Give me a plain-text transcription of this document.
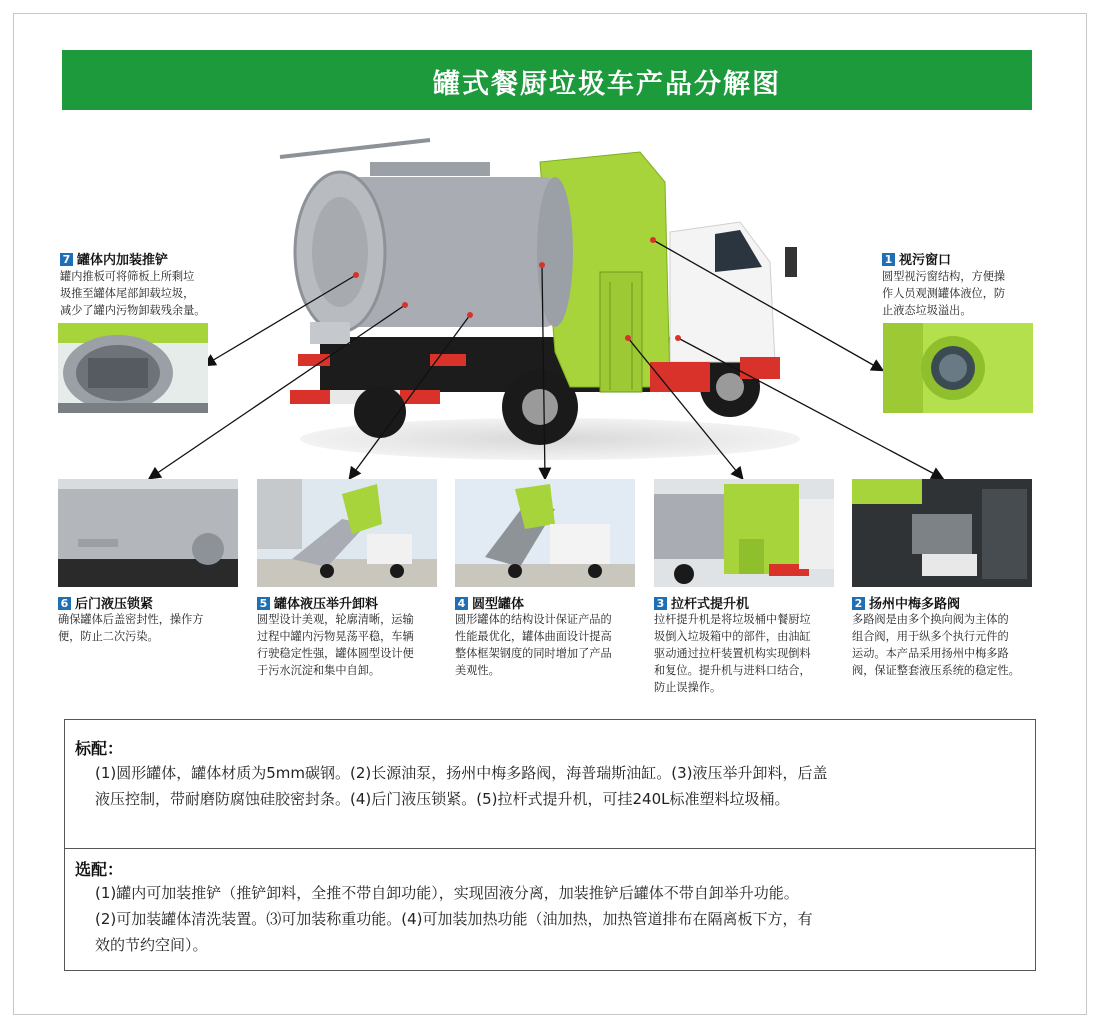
罐式餐厨垃圾车产品分解图
7 罐体内加装推铲
罐内推板可将筛板上所剩垃
圾推至罐体尾部卸载垃圾，
减少了罐内污物卸载残余量。
1 视污窗口
圆型视污窗结构，方便操
作人员观测罐体液位，防
止液态垃圾溢出。
6 后门液压锁紧
确保罐体后盖密封性，操作方
便，防止二次污染。
5 罐体液压举升卸料
圆型设计美观，轮廓清晰，运输
过程中罐内污物晃荡平稳，车辆
行驶稳定性强，罐体圆型设计便
于污水沉淀和集中自卸。
4 圆型罐体
圆形罐体的结构设计保证产品的
性能最优化，罐体曲面设计提高
整体框架钢度的同时增加了产品
美观性。
3 拉杆式提升机
拉杆提升机是将垃圾桶中餐厨垃
圾倒入垃圾箱中的部件，由油缸
驱动通过拉杆装置机构实现倒料
和复位。提升机与进料口结合，
防止误操作。
2 扬州中梅多路阀
多路阀是由多个换向阀为主体的
组合阀，用于纵多个执行元件的
运动。本产品采用扬州中梅多路
阀，保证整套液压系统的稳定性。
标配：
(1)圆形罐体，罐体材质为5mm碳钢。(2)长源油泵，扬州中梅多路阀，海普瑞斯油缸。(3)液压举升卸料，后盖
液压控制，带耐磨防腐蚀硅胶密封条。(4)后门液压锁紧。(5)拉杆式提升机，可挂240L标准塑料垃圾桶。
选配：
(1)罐内可加装推铲（推铲卸料，全推不带自卸功能），实现固液分离，加装推铲后罐体不带自卸举升功能。
(2)可加装罐体清洗装置。⑶可加装称重功能。(4)可加装加热功能（油加热，加热管道排布在隔离板下方，有
效的节约空间）。
